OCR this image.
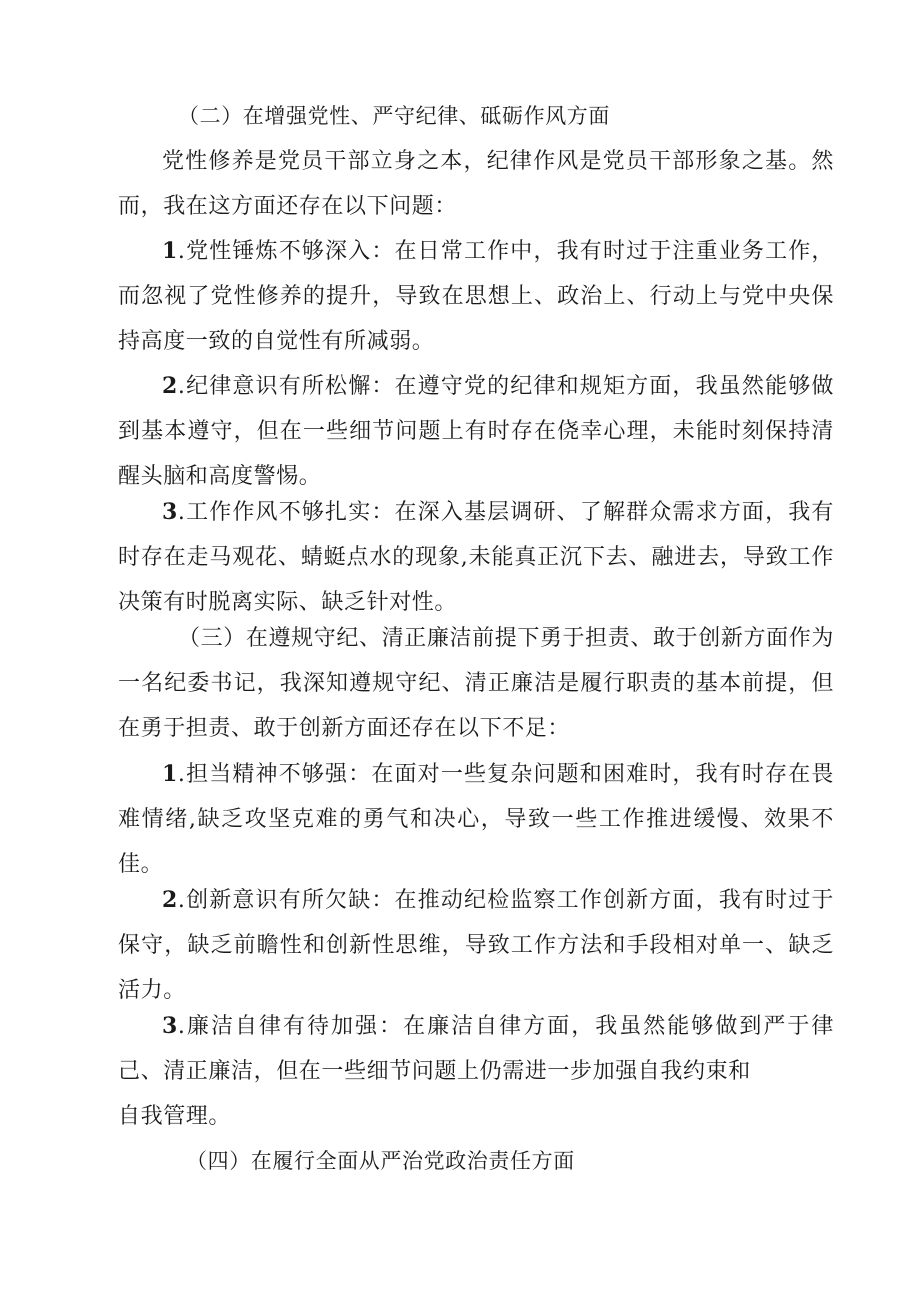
（二）在增强党性、严守纪律、砥砺作风方面

党性修养是党员干部立身之本，纪律作风是党员干部形象之基。然而，我在这方面还存在以下问题：

1.党性锤炼不够深入：在日常工作中，我有时过于注重业务工作，而忽视了党性修养的提升，导致在思想上、政治上、行动上与党中央保持高度一致的自觉性有所减弱。

2.纪律意识有所松懈：在遵守党的纪律和规矩方面，我虽然能够做到基本遵守，但在一些细节问题上有时存在侥幸心理，未能时刻保持清醒头脑和高度警惕。

3.工作作风不够扎实：在深入基层调研、了解群众需求方面，我有时存在走马观花、蜻蜓点水的现象,未能真正沉下去、融进去，导致工作决策有时脱离实际、缺乏针对性。

（三）在遵规守纪、清正廉洁前提下勇于担责、敢于创新方面作为一名纪委书记，我深知遵规守纪、清正廉洁是履行职责的基本前提，但在勇于担责、敢于创新方面还存在以下不足：

1.担当精神不够强：在面对一些复杂问题和困难时，我有时存在畏难情绪,缺乏攻坚克难的勇气和决心，导致一些工作推进缓慢、效果不佳。

2.创新意识有所欠缺：在推动纪检监察工作创新方面，我有时过于保守，缺乏前瞻性和创新性思维，导致工作方法和手段相对单一、缺乏活力。

3.廉洁自律有待加强：在廉洁自律方面，我虽然能够做到严于律己、清正廉洁，但在一些细节问题上仍需进一步加强自我约束和

自我管理。

（四）在履行全面从严治党政治责任方面
